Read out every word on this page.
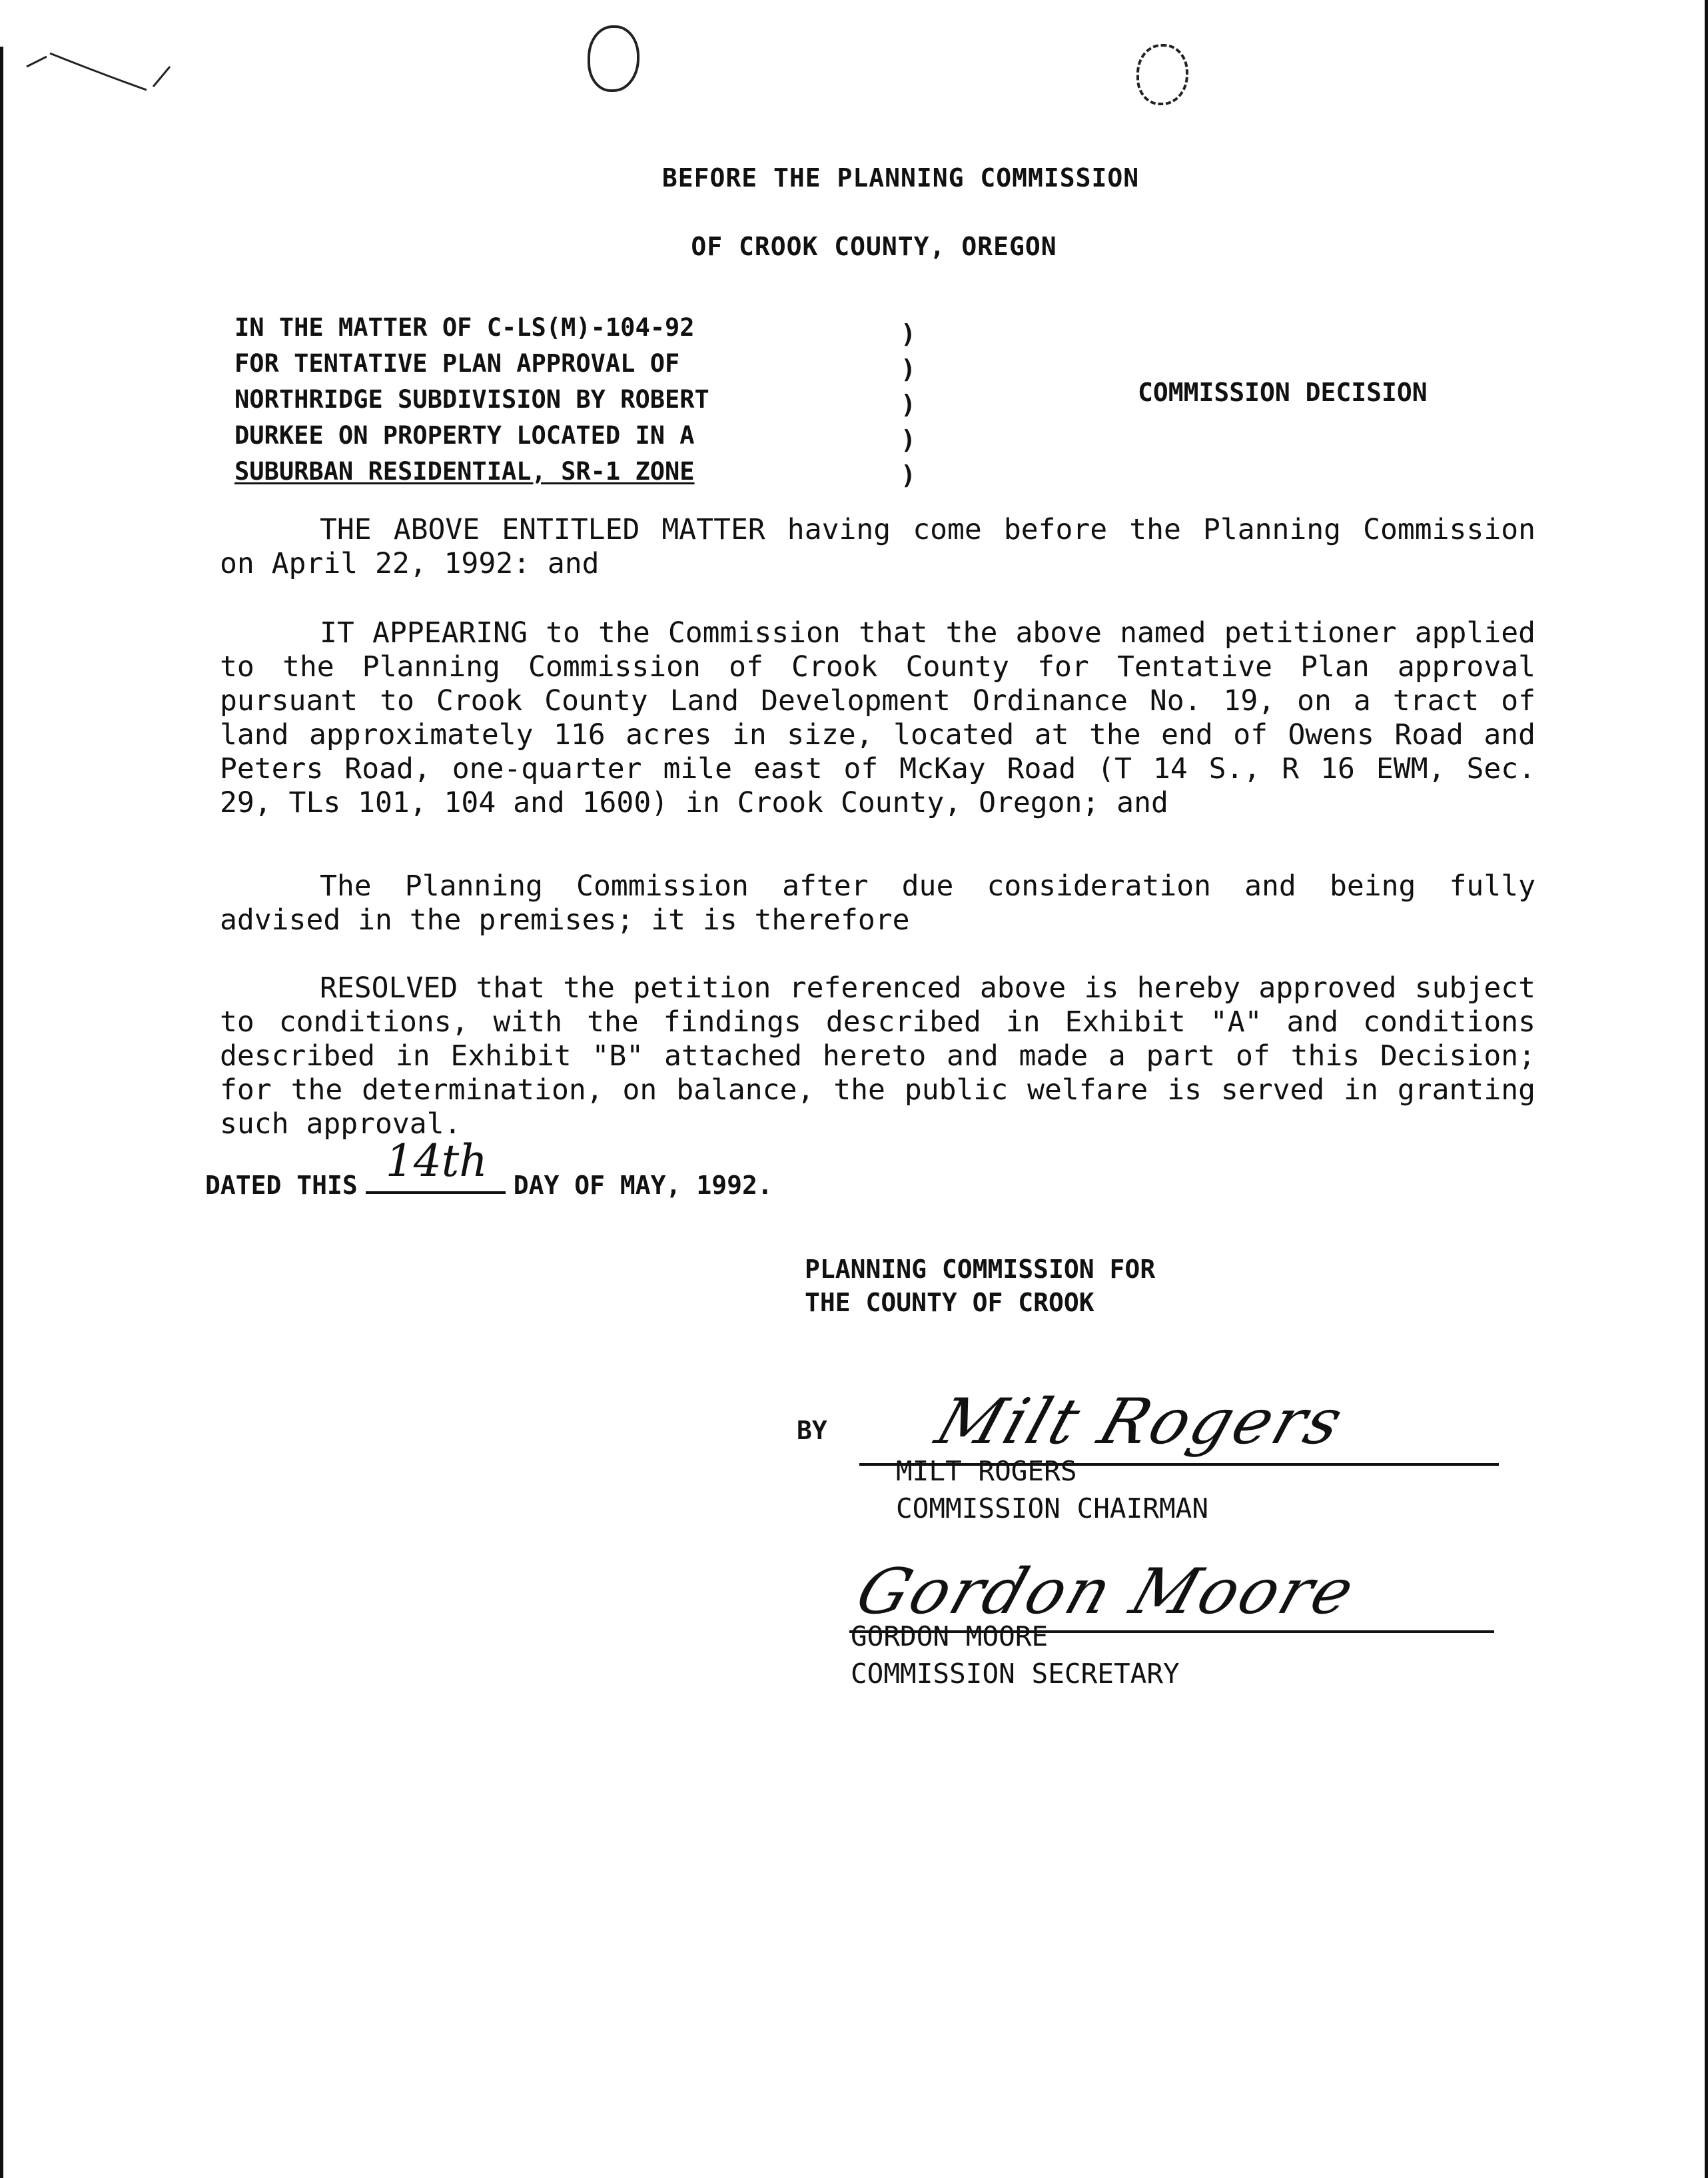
BEFORE THE PLANNING COMMISSION
OF CROOK COUNTY, OREGON
IN THE MATTER OF C-LS(M)-104-92
FOR TENTATIVE PLAN APPROVAL OF
NORTHRIDGE SUBDIVISION BY ROBERT
DURKEE ON PROPERTY LOCATED IN A
SUBURBAN RESIDENTIAL, SR-1 ZONE
)
)
)
)
)
COMMISSION DECISION
THE ABOVE ENTITLED MATTER having come before the Planning Commission on April 22, 1992: and
IT APPEARING to the Commission that the above named petitioner applied to the Planning Commission of Crook County for Tentative Plan approval pursuant to Crook County Land Development Ordinance No. 19, on a tract of land approximately 116 acres in size, located at the end of Owens Road and Peters Road, one-quarter mile east of McKay Road (T 14 S., R 16 EWM, Sec. 29, TLs 101, 104 and 1600) in Crook County, Oregon; and
The Planning Commission after due consideration and being fully advised in the premises; it is therefore
RESOLVED that the petition referenced above is hereby approved subject to conditions, with the findings described in Exhibit "A" and conditions described in Exhibit "B" attached hereto and made a part of this Decision; for the determination, on balance, the public welfare is served in granting such approval.
DATED THIS 14th DAY OF MAY, 1992.
PLANNING COMMISSION FOR
THE COUNTY OF CROOK
BY Milt Rogers
MILT ROGERS
COMMISSION CHAIRMAN
Gordon Moore
GORDON MOORE
COMMISSION SECRETARY
